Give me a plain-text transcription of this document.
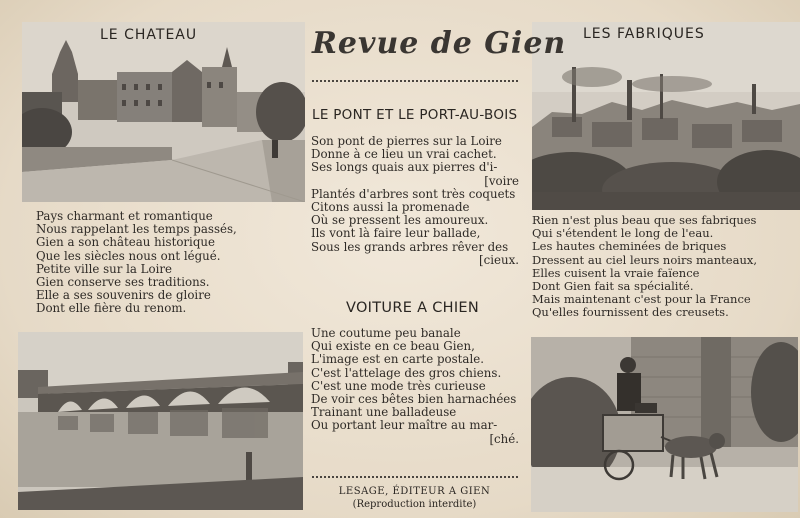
LE CHATEAU	LES FABRIQUES
Revue de Gien
LE PONT ET LE PORT-AU-BOIS
Son pont de pierres sur la Loire
Donne à ce lieu un vrai cachet.
Ses longs quais aux pierres d'i-
[voire
Plantés d'arbres sont très coquets
Citons aussi la promenade
Où se pressent les amoureux.
Ils vont là faire leur ballade,
Sous les grands arbres rêver des
[cieux.
VOITURE A CHIEN
Une coutume peu banale
Qui existe en ce beau Gien,
L'image est en carte postale.
C'est l'attelage des gros chiens.
C'est une mode très curieuse
De voir ces bêtes bien harnachées
Trainant une balladeuse
Ou portant leur maître au mar-
[ché.
LESAGE, ÉDITEUR A GIEN
(Reproduction interdite)
Pays charmant et romantique
Nous rappelant les temps passés,
Gien a son château historique
Que les siècles nous ont légué.
Petite ville sur la Loire
Gien conserve ses traditions.
Elle a ses souvenirs de gloire
Dont elle fière du renom.
Rien n'est plus beau que ses fabriques
Qui s'étendent le long de l'eau.
Les hautes cheminées de briques
Dressent au ciel leurs noirs manteaux,
Elles cuisent la vraie faïence
Dont Gien fait sa spécialité.
Mais maintenant c'est pour la France
Qu'elles fournissent des creusets.
